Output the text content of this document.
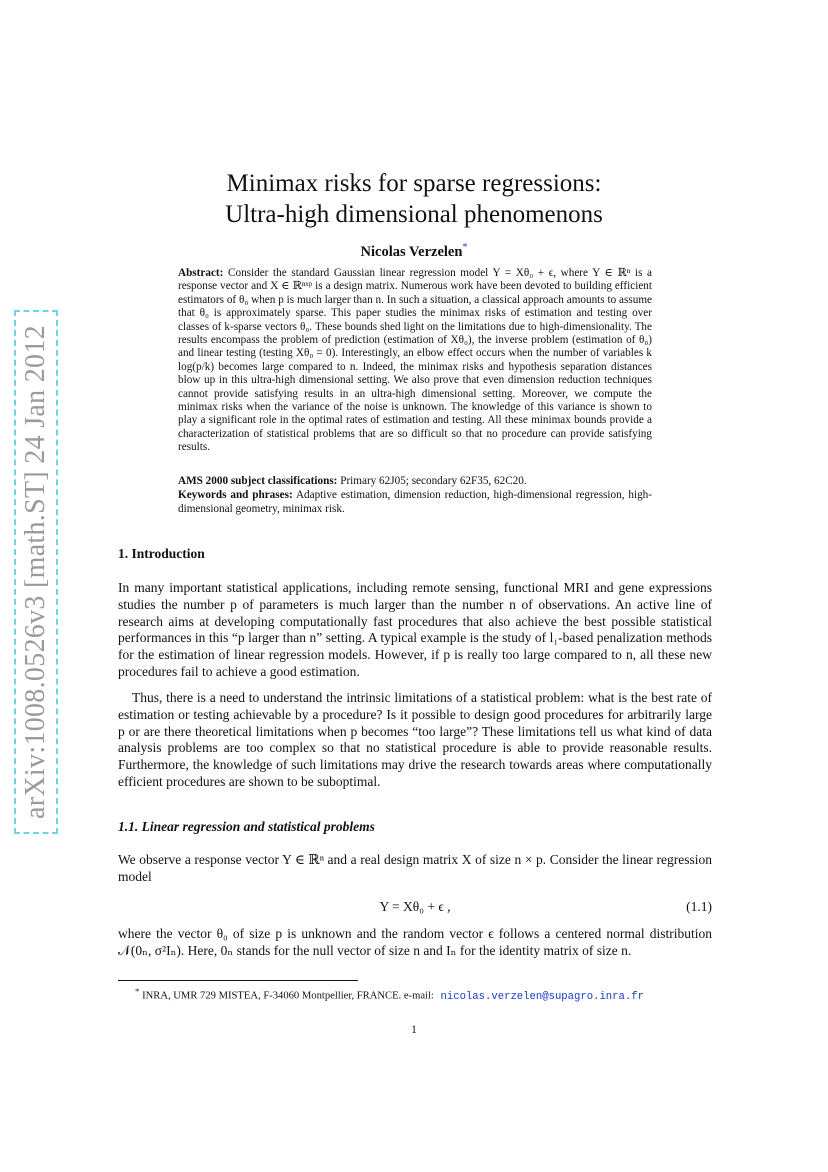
arXiv:1008.0526v3 [math.ST] 24 Jan 2012
Minimax risks for sparse regressions:
Ultra-high dimensional phenomenons
Nicolas Verzelen*
Abstract: Consider the standard Gaussian linear regression model Y = Xθ₀ + ϵ, where Y ∈ ℝⁿ is a response vector and X ∈ ℝⁿˣᵖ is a design matrix. Numerous work have been devoted to building efficient estimators of θ₀ when p is much larger than n. In such a situation, a classical approach amounts to assume that θ₀ is approximately sparse. This paper studies the minimax risks of estimation and testing over classes of k-sparse vectors θ₀. These bounds shed light on the limitations due to high-dimensionality. The results encompass the problem of prediction (estimation of Xθ₀), the inverse problem (estimation of θ₀) and linear testing (testing Xθ₀ = 0). Interestingly, an elbow effect occurs when the number of variables k log(p/k) becomes large compared to n. Indeed, the minimax risks and hypothesis separation distances blow up in this ultra-high dimensional setting. We also prove that even dimension reduction techniques cannot provide satisfying results in an ultra-high dimensional setting. Moreover, we compute the minimax risks when the variance of the noise is unknown. The knowledge of this variance is shown to play a significant role in the optimal rates of estimation and testing. All these minimax bounds provide a characterization of statistical problems that are so difficult so that no procedure can provide satisfying results.

AMS 2000 subject classifications: Primary 62J05; secondary 62F35, 62C20.

Keywords and phrases: Adaptive estimation, dimension reduction, high-dimensional regression, high-dimensional geometry, minimax risk.

1. Introduction

In many important statistical applications, including remote sensing, functional MRI and gene expressions studies the number p of parameters is much larger than the number n of observations. An active line of research aims at developing computationally fast procedures that also achieve the best possible statistical performances in this “p larger than n” setting. A typical example is the study of l₁-based penalization methods for the estimation of linear regression models. However, if p is really too large compared to n, all these new procedures fail to achieve a good estimation.

Thus, there is a need to understand the intrinsic limitations of a statistical problem: what is the best rate of estimation or testing achievable by a procedure? Is it possible to design good procedures for arbitrarily large p or are there theoretical limitations when p becomes “too large”? These limitations tell us what kind of data analysis problems are too complex so that no statistical procedure is able to provide reasonable results. Furthermore, the knowledge of such limitations may drive the research towards areas where computationally efficient procedures are shown to be suboptimal.

1.1. Linear regression and statistical problems

We observe a response vector Y ∈ ℝⁿ and a real design matrix X of size n × p. Consider the linear regression model

Y = Xθ₀ + ϵ ,	(1.1)

where the vector θ₀ of size p is unknown and the random vector ϵ follows a centered normal distribution 𝒩(0ₙ, σ²Iₙ). Here, 0ₙ stands for the null vector of size n and Iₙ for the identity matrix of size n.

* INRA, UMR 729 MISTEA, F-34060 Montpellier, FRANCE. e-mail: nicolas.verzelen@supagro.inra.fr
1
